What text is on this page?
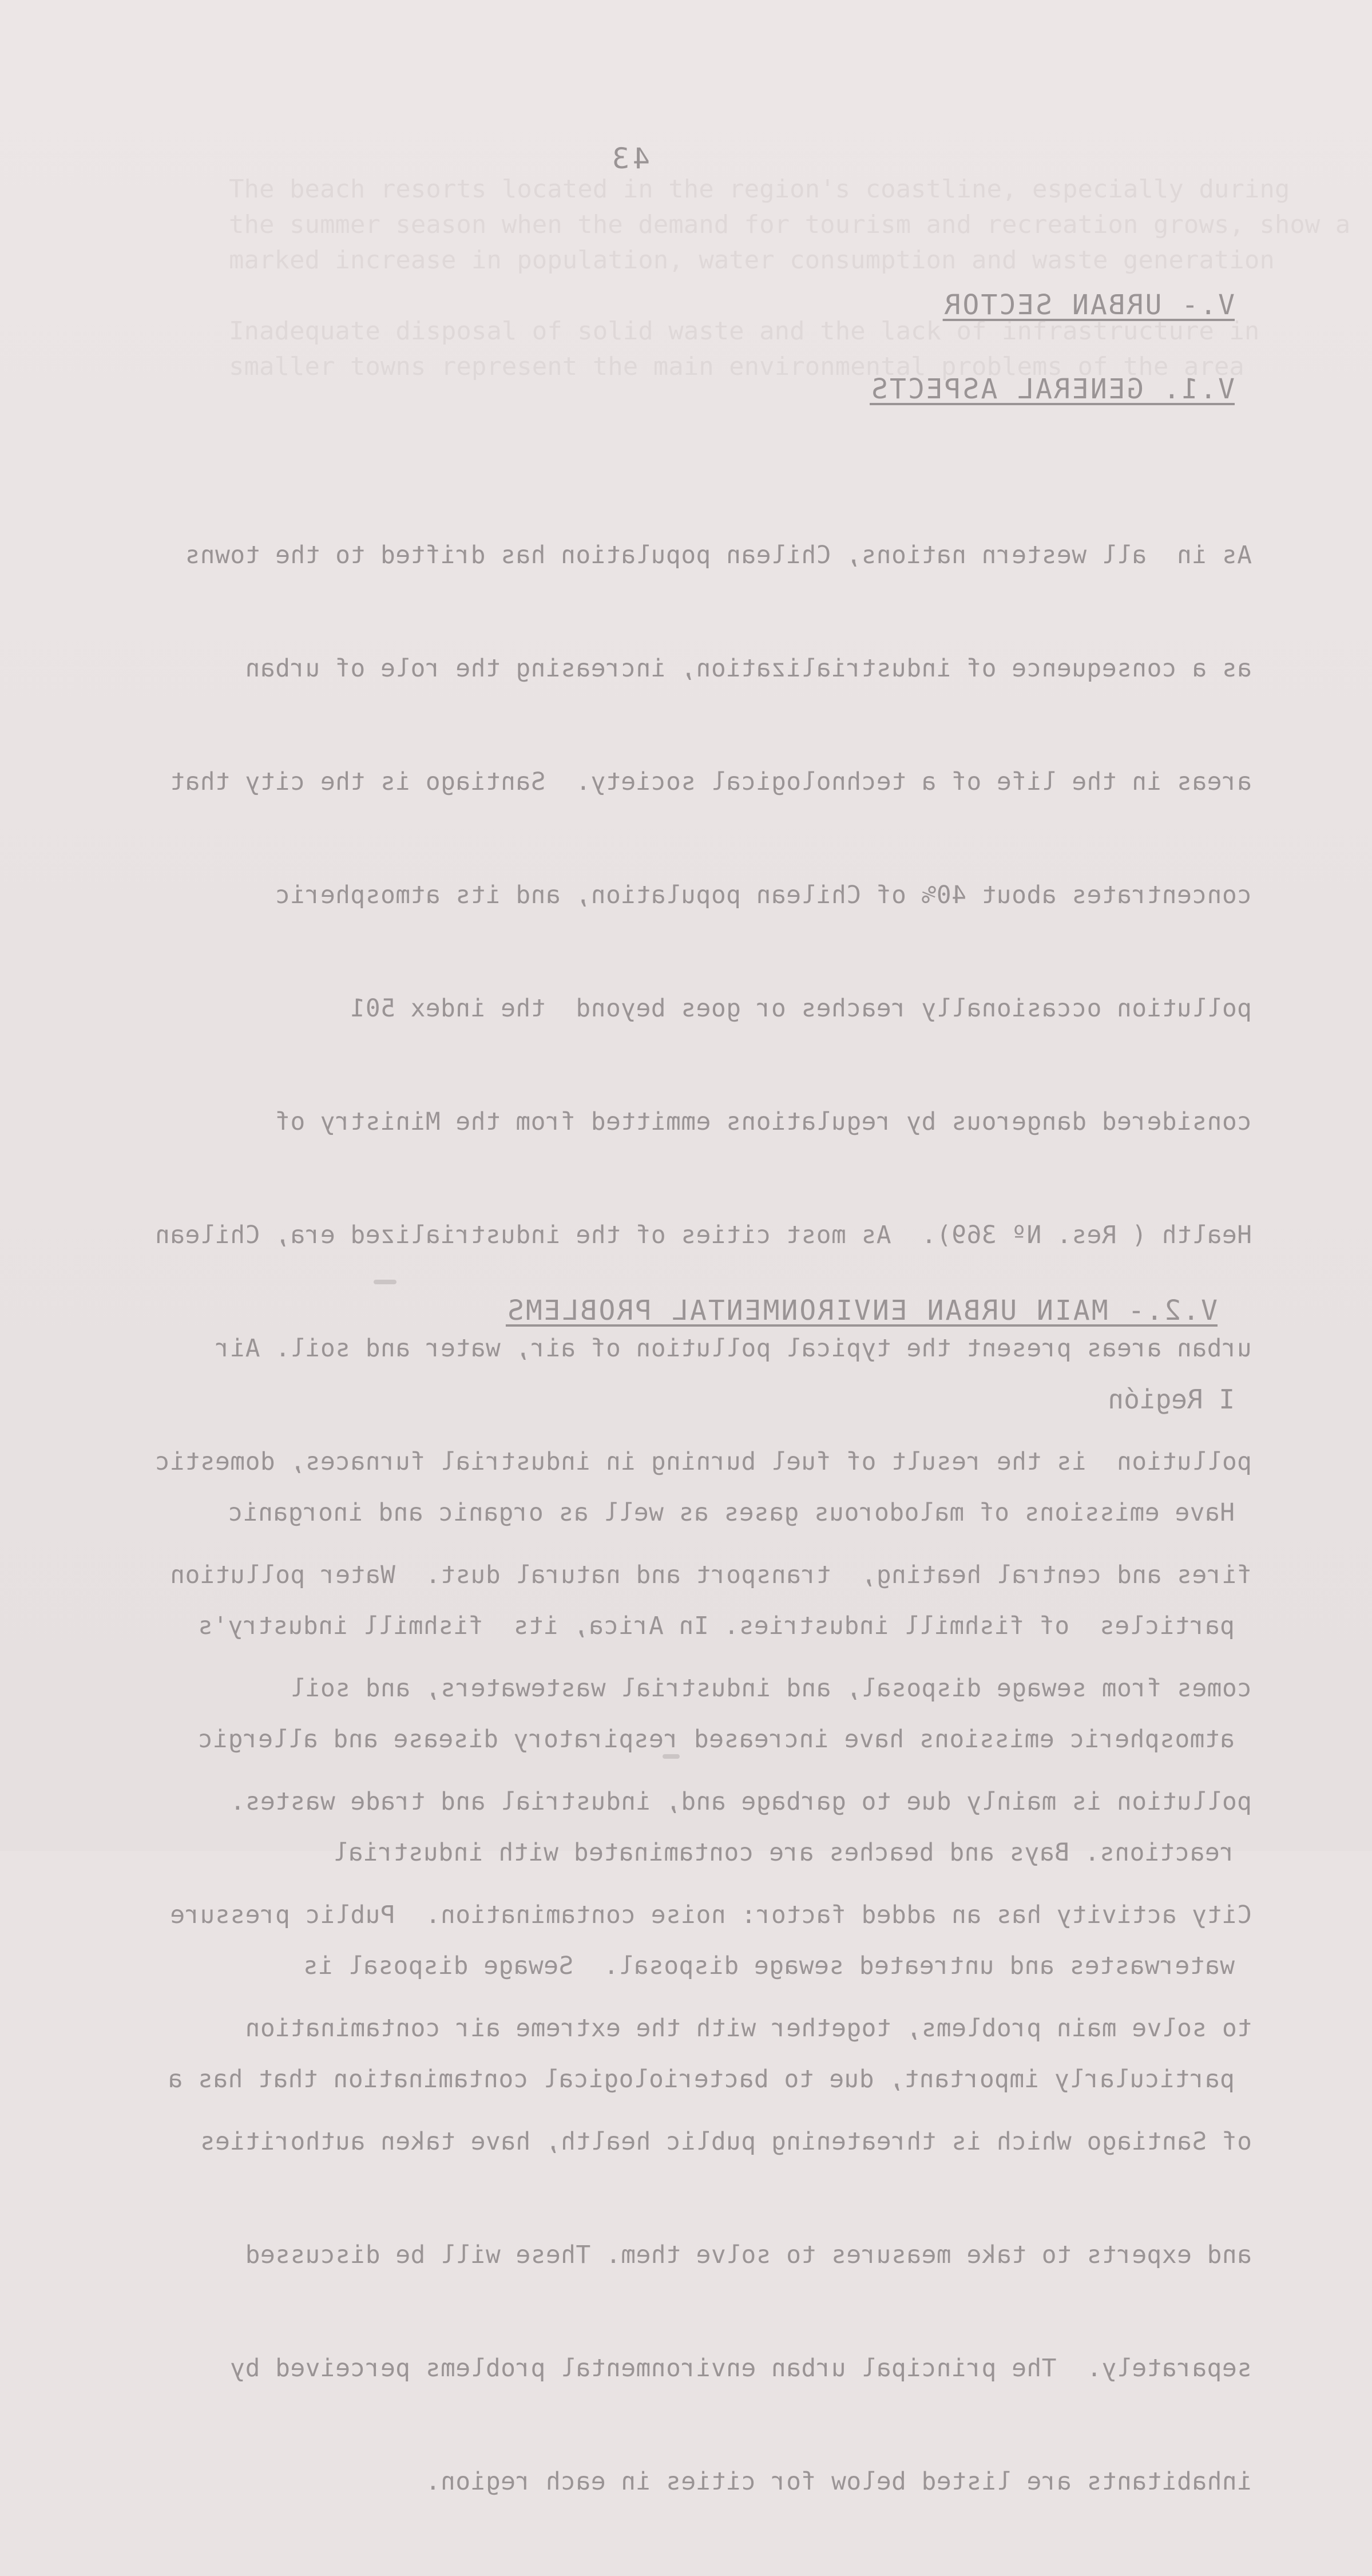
The beach resorts located in the region's coastline, especially during
the summer season when the demand for tourism and recreation grows, show a
marked increase in population, water consumption and waste generation

Inadequate disposal of solid waste and the lack of infrastructure in
smaller towns represent the main environmental problems of the area
43
V.- URBAN SECTOR
V.1. GENERAL ASPECTS

As in  all western nations, Chilean population has drifted to the towns

as a consequence of industrialization, increasing the role of urban

areas in the life of a technological society.  Santiago is the city that

concentrates about 40% of Chilean population, and its atmospheric

pollution occasionally reaches or goes beyond  the index 501

considered dangerous by regulations emmitted from the Ministry of

Health ( Res. Nº 369).  As most cities of the industrialized era, Chilean

urban areas present the typical pollution of air, water and soil. Air

pollution  is the result of fuel burning in industrial furnaces, domestic

fires and central heating,  transport and natural dust.  Water pollution

comes from sewage disposal, and industrial wastewaters, and soil

pollution is mainly due to garbage and, industrial and trade wastes.

City activity has an added factor: noise contamination.  Public pressure

to solve main problems, together with the extreme air contamination

of Santiago which is threatening public health, have taken authorities

and experts to take measures to solve them. These will be discussed

separately.  The principal urban environmental problems perceived by

inhabitants are listed below for cities in each region.

V.2.- MAIN URBAN ENVIRONMENTAL PROBLEMS
I Región

Have emissions of malodorous gases as well as organic and inorganic

particles  of fishmill industries. In Arica, its  fishmill industry's

atmospheric emissions have increased respiratory disease and allergic

reactions. Bays and beaches are contaminated with industrial

waterwastes and untreated sewage disposal.  Sewage disposal is

particularly important, due to bacteriological contamination that has a
